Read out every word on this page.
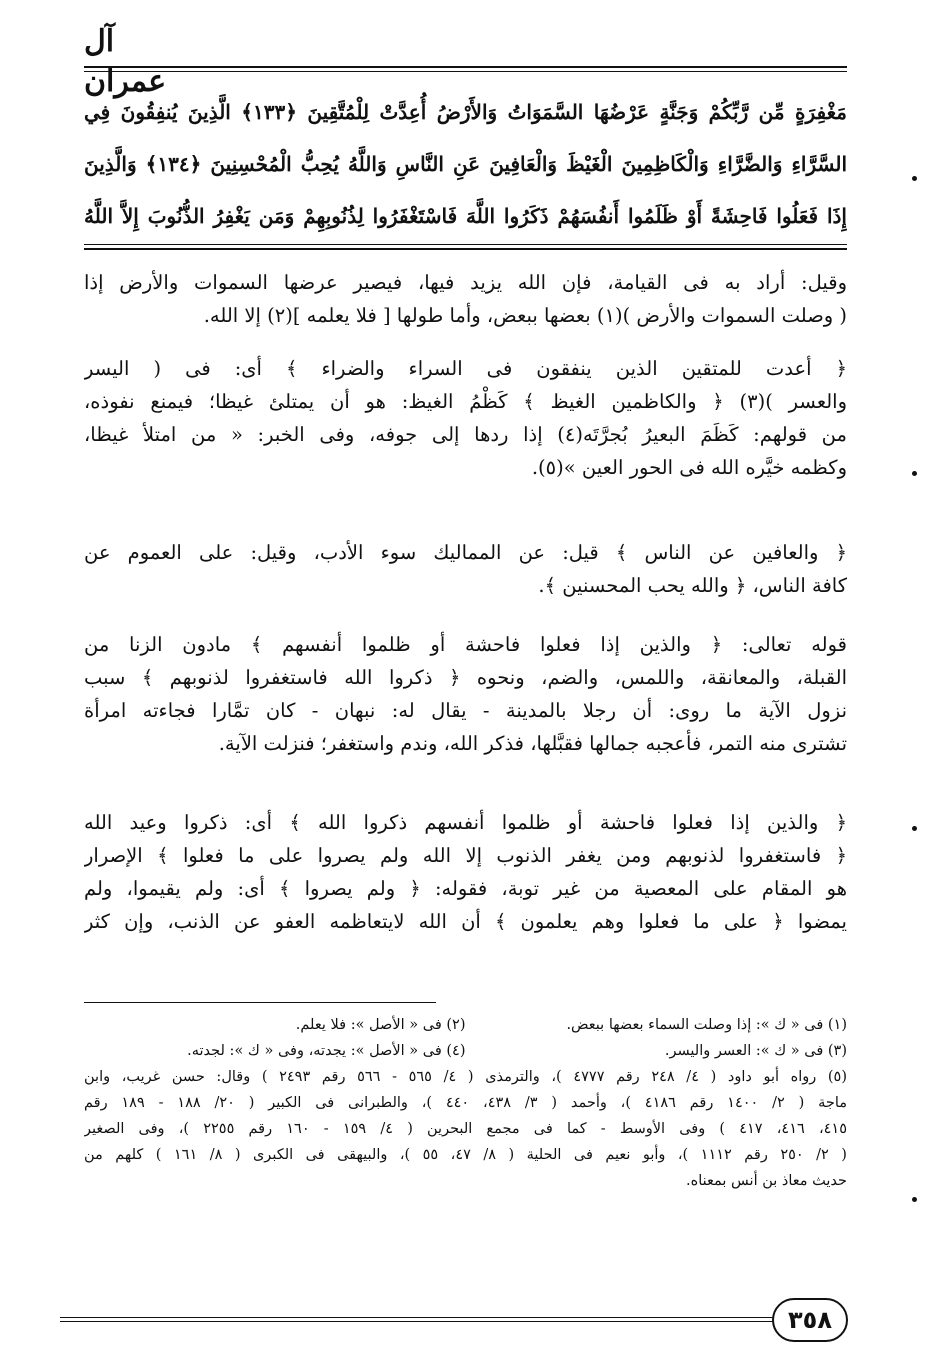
آل عمران
مَغْفِرَةٍ مِّن رَّبِّكُمْ وَجَنَّةٍ عَرْضُهَا السَّمَوَاتُ وَالأَرْضُ أُعِدَّتْ لِلْمُتَّقِينَ ﴿١٣٣﴾ الَّذِينَ يُنفِقُونَ فِي
السَّرَّاءِ وَالضَّرَّاءِ وَالْكَاظِمِينَ الْغَيْظَ وَالْعَافِينَ عَنِ النَّاسِ وَاللَّهُ يُحِبُّ الْمُحْسِنِينَ ﴿١٣٤﴾ وَالَّذِينَ
إِذَا فَعَلُوا فَاحِشَةً أَوْ ظَلَمُوا أَنفُسَهُمْ ذَكَرُوا اللَّهَ فَاسْتَغْفَرُوا لِذُنُوبِهِمْ وَمَن يَغْفِرُ الذُّنُوبَ إِلاَّ اللَّهُ
وقيل: أراد به فى القيامة، فإن الله يزيد فيها، فيصير عرضها السموات والأرض إذا
( وصلت السموات والأرض )(١) بعضها ببعض، وأما طولها [ فلا يعلمه ](٢) إلا الله.
﴿ أعدت للمتقين الذين ينفقون فى السراء والضراء ﴾ أى: فى ( اليسر
والعسر )(٣) ﴿ والكاظمين الغيظ ﴾ كَظْمُ الغيظ: هو أن يمتلئ غيظا؛ فيمنع نفوذه،
من قولهم: كَظَمَ البعيرُ بُجرَّتَه(٤) إذا ردها إلى جوفه، وفى الخبر: « من امتلأ غيظا،
وكظمه خيَّره الله فى الحور العين »(٥).
﴿ والعافين عن الناس ﴾ قيل: عن المماليك سوء الأدب، وقيل: على العموم عن
كافة الناس، ﴿ والله يحب المحسنين ﴾.
قوله تعالى: ﴿ والذين إذا فعلوا فاحشة أو ظلموا أنفسهم ﴾ مادون الزنا من
القبلة، والمعانقة، واللمس، والضم، ونحوه ﴿ ذكروا الله فاستغفروا لذنوبهم ﴾ سبب
نزول الآية ما روى: أن رجلا بالمدينة - يقال له: نبهان - كان تمَّارا فجاءته امرأة
تشترى منه التمر، فأعجبه جمالها فقبَّلها، فذكر الله، وندم واستغفر؛ فنزلت الآية.
﴿ والذين إذا فعلوا فاحشة أو ظلموا أنفسهم ذكروا الله ﴾ أى: ذكروا وعيد الله
﴿ فاستغفروا لذنوبهم ومن يغفر الذنوب إلا الله ولم يصروا على ما فعلوا ﴾ الإصرار
هو المقام على المعصية من غير توبة، فقوله: ﴿ ولم يصروا ﴾ أى: ولم يقيموا، ولم
يمضوا ﴿ على ما فعلوا وهم يعلمون ﴾ أن الله لايتعاظمه العفو عن الذنب، وإن كثر
(١) فى « ك »: إذا وصلت السماء بعضها ببعض.
(٢) فى « الأصل »: فلا يعلم.
(٣) فى « ك »: العسر واليسر.
(٤) فى « الأصل »: يجدته، وفى « ك »: لجدته.
(٥) رواه أبو داود ( ٤/ ٢٤٨ رقم ٤٧٧٧ )، والترمذى ( ٤/ ٥٦٥ - ٥٦٦ رقم ٢٤٩٣ ) وقال: حسن غريب، وابن
ماجة ( ٢/ ١٤٠٠ رقم ٤١٨٦ )، وأحمد ( ٣/ ٤٣٨، ٤٤٠ )، والطبرانى فى الكبير ( ٢٠/ ١٨٨ - ١٨٩ رقم
٤١٥، ٤١٦، ٤١٧ ) وفى الأوسط - كما فى مجمع البحرين ( ٤/ ١٥٩ - ١٦٠ رقم ٢٢٥٥ )، وفى الصغير
( ٢/ ٢٥٠ رقم ١١١٢ )، وأبو نعيم فى الحلية ( ٨/ ٤٧، ٥٥ )، والبيهقى فى الكبرى ( ٨/ ١٦١ ) كلهم من
حديث معاذ بن أنس بمعناه.
٣٥٨
